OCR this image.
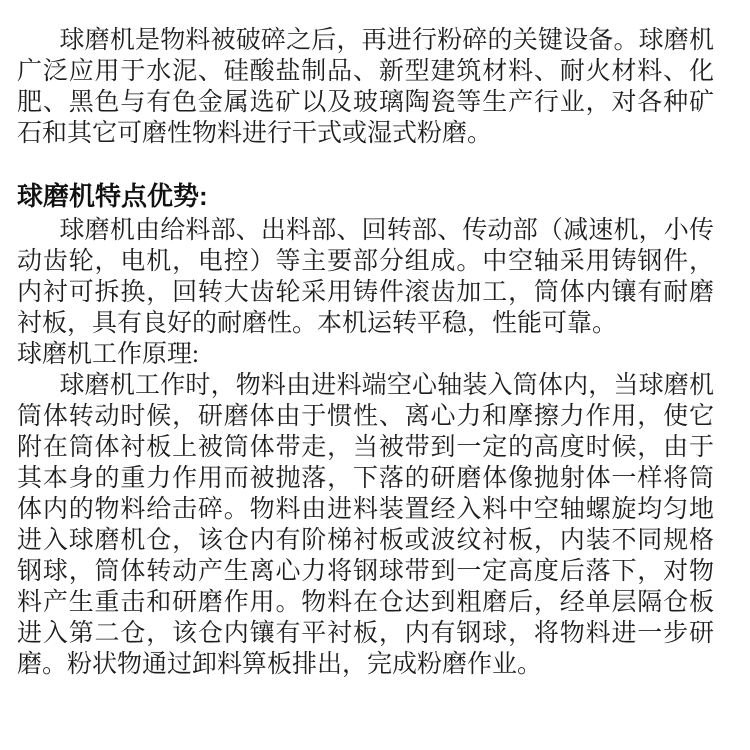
球磨机是物料被破碎之后，再进行粉碎的关键设备。球磨机广泛应用于水泥、硅酸盐制品、新型建筑材料、耐火材料、化肥、黑色与有色金属选矿以及玻璃陶瓷等生产行业，对各种矿石和其它可磨性物料进行干式或湿式粉磨。

球磨机特点优势:

球磨机由给料部、出料部、回转部、传动部（减速机，小传动齿轮，电机，电控）等主要部分组成。中空轴采用铸钢件，内衬可拆换，回转大齿轮采用铸件滚齿加工，筒体内镶有耐磨衬板，具有良好的耐磨性。本机运转平稳，性能可靠。

球磨机工作原理:

球磨机工作时，物料由进料端空心轴装入筒体内，当球磨机筒体转动时候，研磨体由于惯性、离心力和摩擦力作用，使它附在筒体衬板上被筒体带走，当被带到一定的高度时候，由于其本身的重力作用而被抛落，下落的研磨体像抛射体一样将筒体内的物料给击碎。物料由进料装置经入料中空轴螺旋均匀地进入球磨机仓，该仓内有阶梯衬板或波纹衬板，内装不同规格钢球，筒体转动产生离心力将钢球带到一定高度后落下，对物料产生重击和研磨作用。物料在仓达到粗磨后，经单层隔仓板进入第二仓，该仓内镶有平衬板，内有钢球，将物料进一步研磨。粉状物通过卸料箅板排出，完成粉磨作业。
